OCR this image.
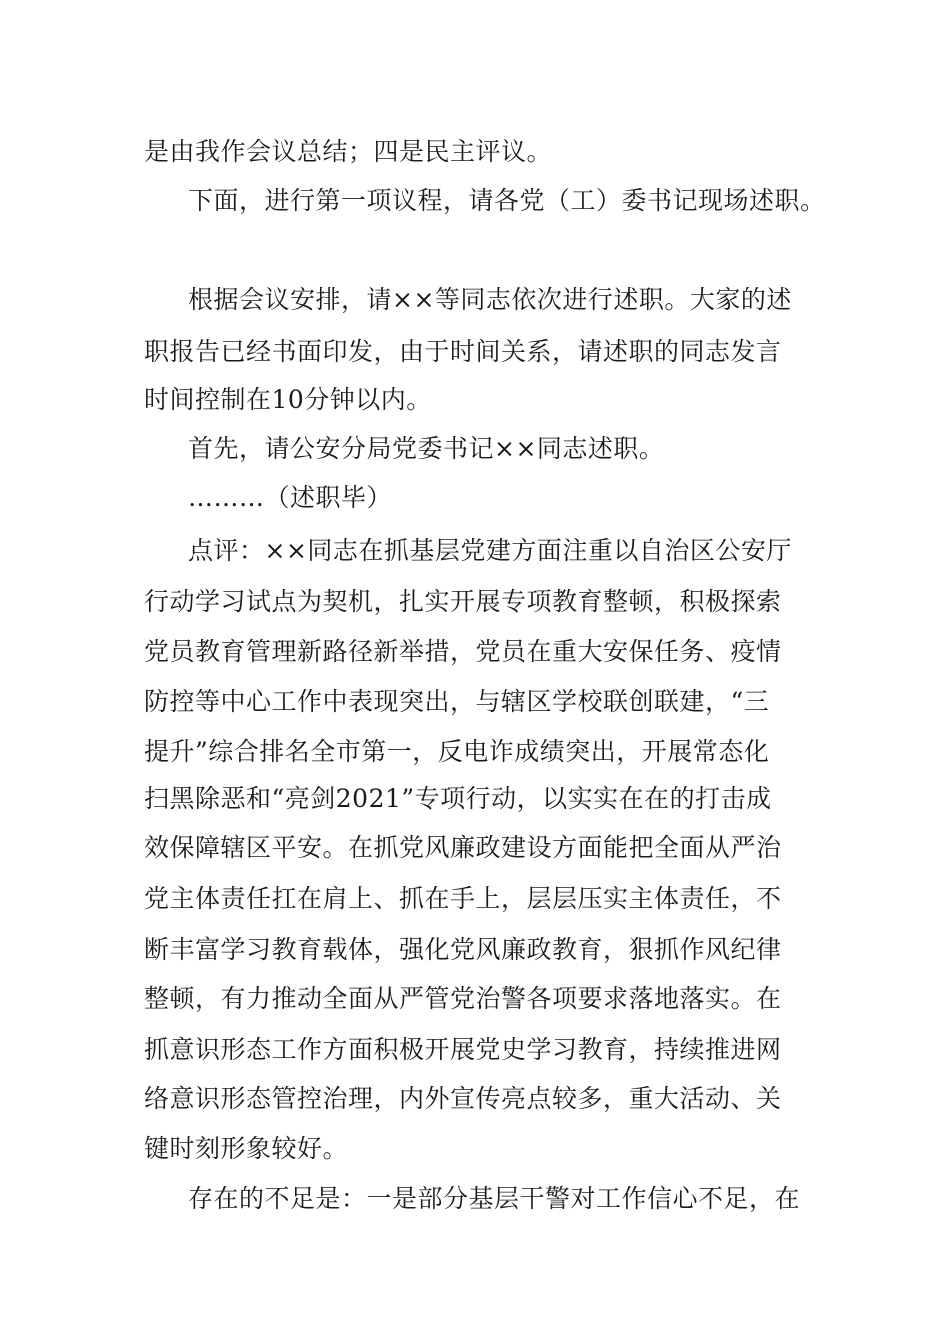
是由我作会议总结；四是民主评议。
下面，进行第一项议程，请各党（工）委书记现场述职。
根据会议安排，请××等同志依次进行述职。大家的述
职报告已经书面印发，由于时间关系，请述职的同志发言
时间控制在10分钟以内。
首先，请公安分局党委书记××同志述职。
………（述职毕）
点评：××同志在抓基层党建方面注重以自治区公安厅
行动学习试点为契机，扎实开展专项教育整顿，积极探索
党员教育管理新路径新举措，党员在重大安保任务、疫情
防控等中心工作中表现突出，与辖区学校联创联建，“三
提升”综合排名全市第一，反电诈成绩突出，开展常态化
扫黑除恶和“亮剑2021”专项行动，以实实在在的打击成
效保障辖区平安。在抓党风廉政建设方面能把全面从严治
党主体责任扛在肩上、抓在手上，层层压实主体责任，不
断丰富学习教育载体，强化党风廉政教育，狠抓作风纪律
整顿，有力推动全面从严管党治警各项要求落地落实。在
抓意识形态工作方面积极开展党史学习教育，持续推进网
络意识形态管控治理，内外宣传亮点较多，重大活动、关
键时刻形象较好。
存在的不足是：一是部分基层干警对工作信心不足，在
